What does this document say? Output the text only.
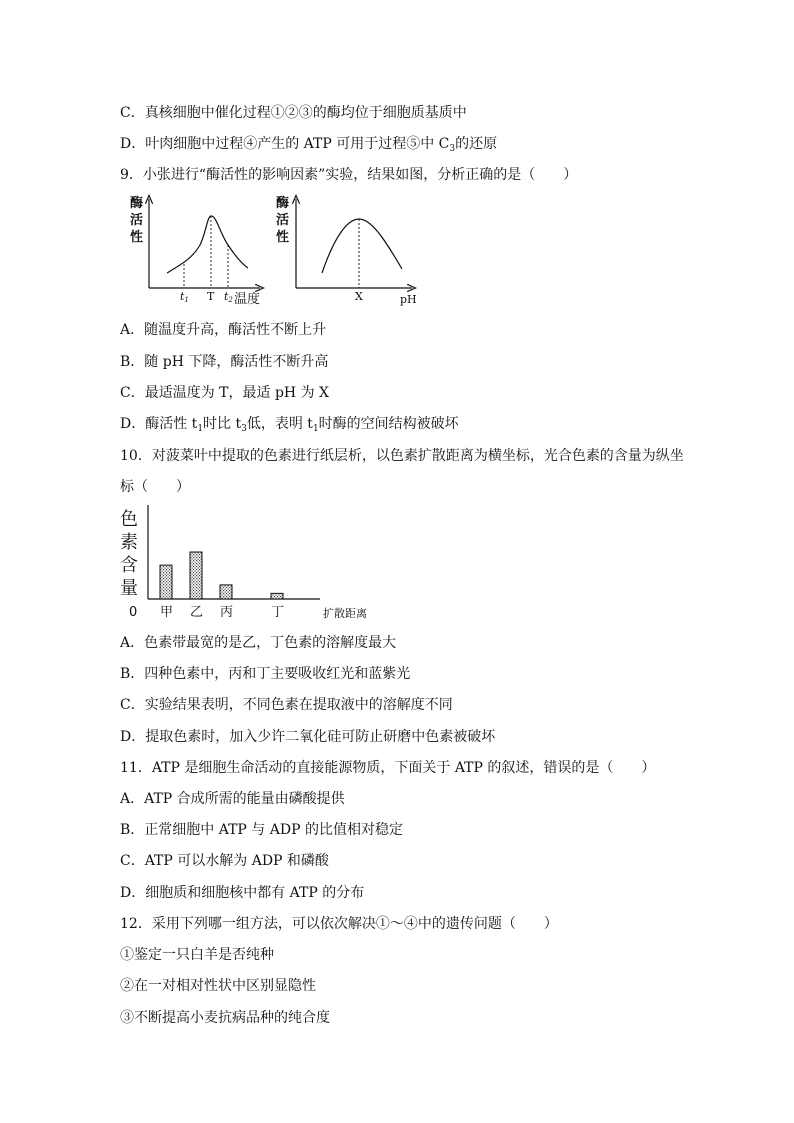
C．真核细胞中催化过程①②③的酶均位于细胞质基质中
D．叶肉细胞中过程④产生的 ATP 可用于过程⑤中 $C_3$的还原
9．小张进行“酶活性的影响因素”实验，结果如图，分析正确的是（　　）
酶
活
性
t1 T t2 温度
酶
活
性
X	pH
A．随温度升高，酶活性不断上升
B．随 pH 下降，酶活性不断升高
C．最适温度为 T，最适 pH 为 X
D．酶活性 $t_1$时比 $t_3$低，表明 $t_1$时酶的空间结构被破坏
10．对菠菜叶中提取的色素进行纸层析，以色素扩散距离为横坐标，光合色素的含量为纵坐
标（　　）
色
素
含
量
0 甲 乙 丙	丁	扩散距离
A．色素带最宽的是乙，丁色素的溶解度最大
B．四种色素中，丙和丁主要吸收红光和蓝紫光
C．实验结果表明，不同色素在提取液中的溶解度不同
D．提取色素时，加入少许二氧化硅可防止研磨中色素被破坏
11．ATP 是细胞生命活动的直接能源物质，下面关于 ATP 的叙述，错误的是（　　）
A．ATP 合成所需的能量由磷酸提供
B．正常细胞中 ATP 与 ADP 的比值相对稳定
C．ATP 可以水解为 ADP 和磷酸
D．细胞质和细胞核中都有 ATP 的分布
12．采用下列哪一组方法，可以依次解决①～④中的遗传问题（　　）
①鉴定一只白羊是否纯种
②在一对相对性状中区别显隐性
③不断提高小麦抗病品种的纯合度
